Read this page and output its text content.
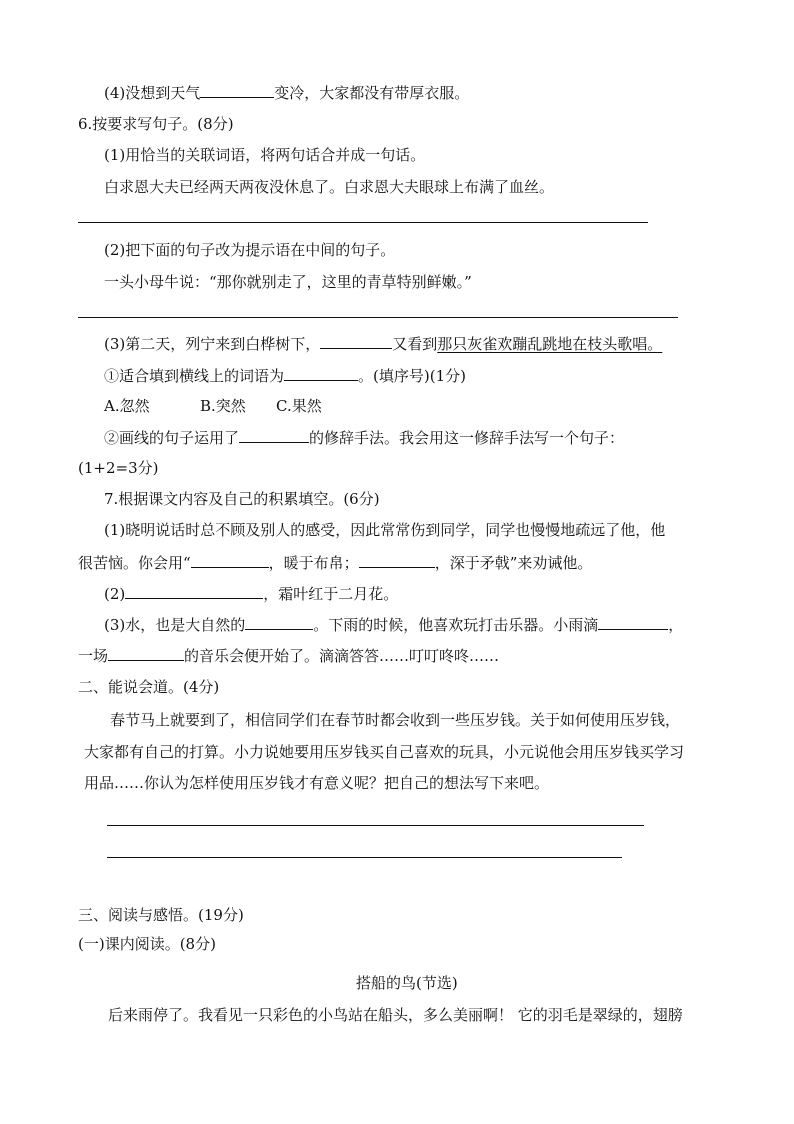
(4)没想到天气	变冷，大家都没有带厚衣服。
6.按要求写句子。(8分)
(1)用恰当的关联词语，将两句话合并成一句话。
白求恩大夫已经两天两夜没休息了。白求恩大夫眼球上布满了血丝。
(2)把下面的句子改为提示语在中间的句子。
一头小母牛说：“那你就别走了，这里的青草特别鲜嫩。”
(3)第二天，列宁来到白桦树下，	又看到那只灰雀欢蹦乱跳地在枝头歌唱。
①适合填到横线上的词语为	。(填序号)(1分)
A.忽然	B.突然 C.果然
②画线的句子运用了	的修辞手法。我会用这一修辞手法写一个句子：
(1+2=3分)
7.根据课文内容及自己的积累填空。(6分)
(1)晓明说话时总不顾及别人的感受，因此常常伤到同学，同学也慢慢地疏远了他，他
很苦恼。你会用“	，暖于布帛；	，深于矛戟”来劝诫他。
(2)	，霜叶红于二月花。
(3)水，也是大自然的	。下雨的时候，他喜欢玩打击乐器。小雨滴	，
一场	的音乐会便开始了。滴滴答答……叮叮咚咚……
二、能说会道。(4分)
春节马上就要到了，相信同学们在春节时都会收到一些压岁钱。关于如何使用压岁钱，
大家都有自己的打算。小力说她要用压岁钱买自己喜欢的玩具，小元说他会用压岁钱买学习
用品……你认为怎样使用压岁钱才有意义呢？把自己的想法写下来吧。
三、阅读与感悟。(19分)
(一)课内阅读。(8分)
搭船的鸟(节选)
后来雨停了。我看见一只彩色的小鸟站在船头，多么美丽啊！ 它的羽毛是翠绿的，翅膀
